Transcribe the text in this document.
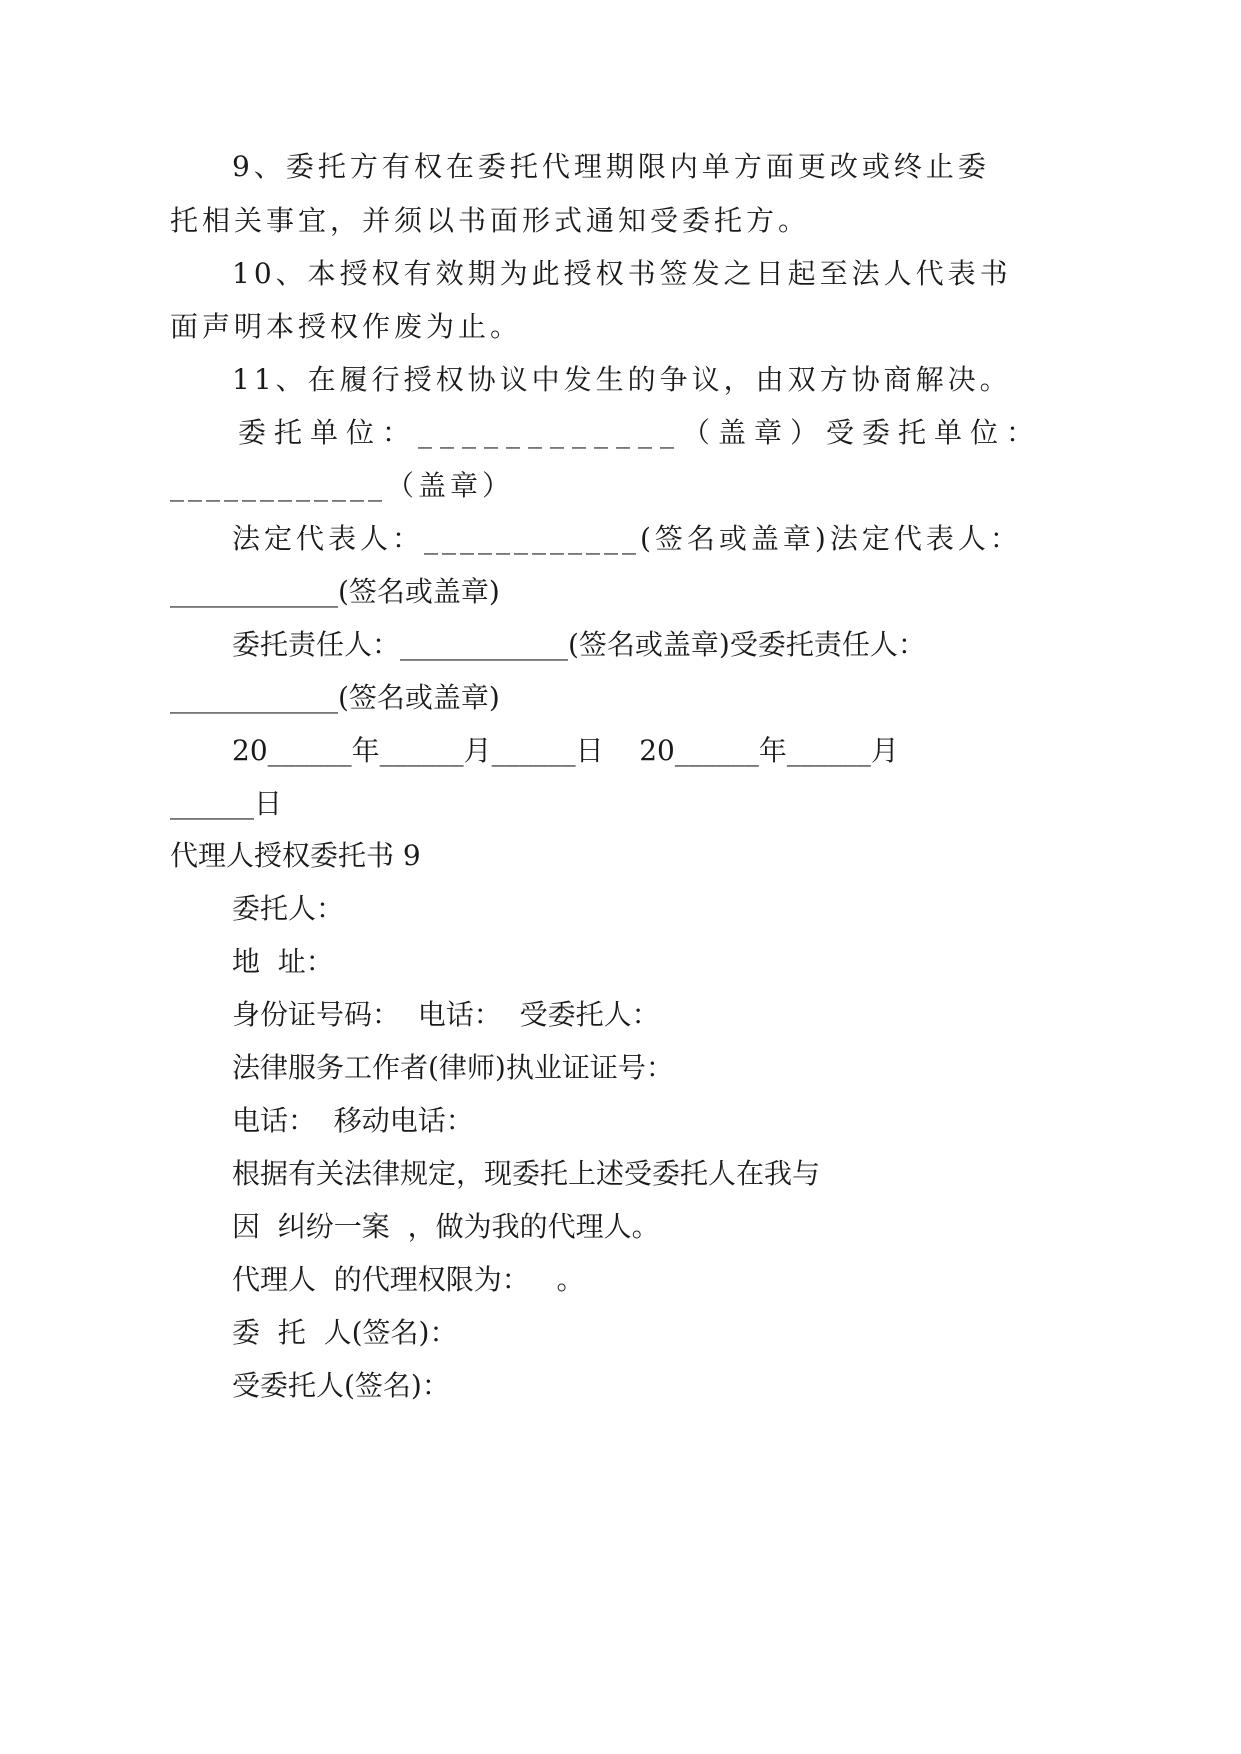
9、委托方有权在委托代理期限内单方面更改或终止委
托相关事宜，并须以书面形式通知受委托方。
10、本授权有效期为此授权书签发之日起至法人代表书
面声明本授权作废为止。
11、在履行授权协议中发生的争议，由双方协商解决。
委托单位：____________（盖章）受委托单位：
____________（盖章）
法定代表人：____________(签名或盖章)法定代表人：
____________(签名或盖章)
委托责任人：____________(签名或盖章)受委托责任人：
____________(签名或盖章)
20______年______月______日    20______年______月
______日
代理人授权委托书 9
委托人：
地  址：
身份证号码：  电话：  受委托人：
法律服务工作者(律师)执业证证号：
电话：  移动电话：
根据有关法律规定，现委托上述受委托人在我与
因  纠纷一案  ，做为我的代理人。
代理人  的代理权限为：   。
委  托  人(签名)：
受委托人(签名)：
